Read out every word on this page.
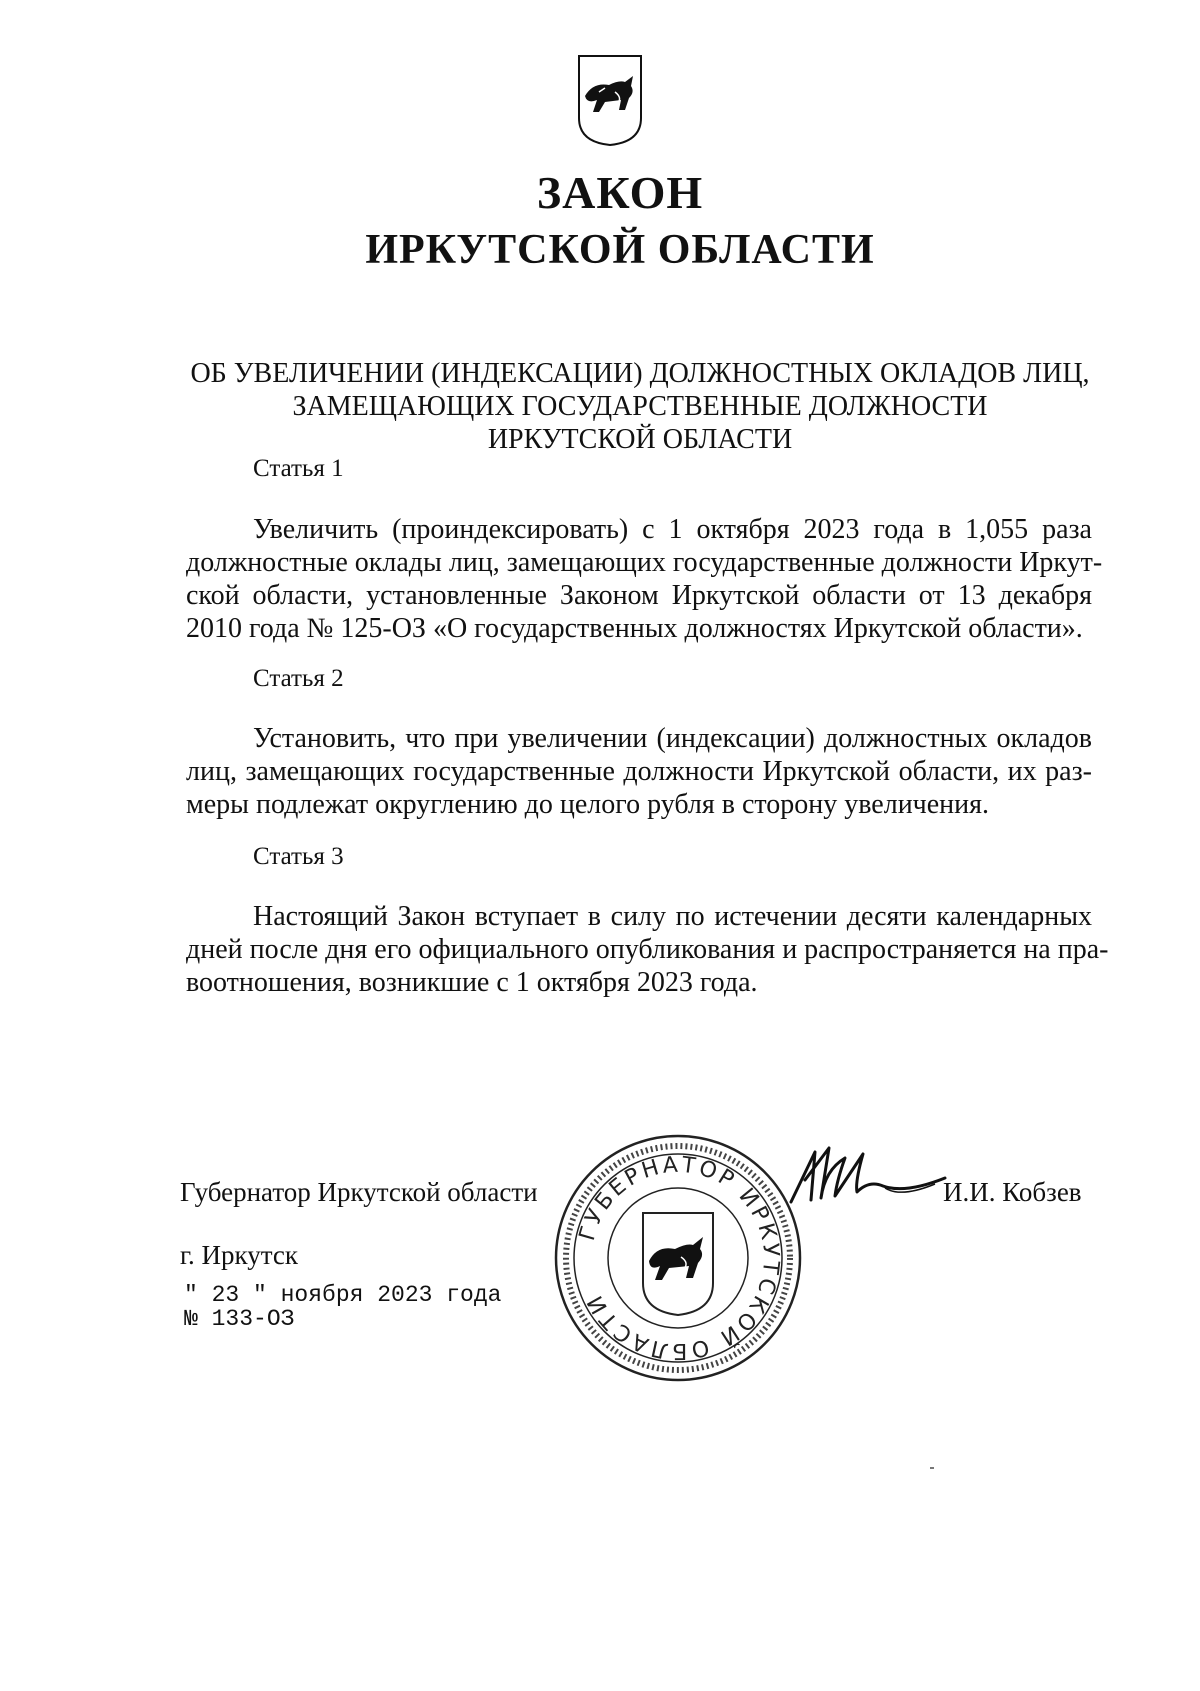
ЗАКОН
ИРКУТСКОЙ ОБЛАСТИ
ОБ УВЕЛИЧЕНИИ (ИНДЕКСАЦИИ) ДОЛЖНОСТНЫХ ОКЛАДОВ ЛИЦ,
ЗАМЕЩАЮЩИХ ГОСУДАРСТВЕННЫЕ ДОЛЖНОСТИ
ИРКУТСКОЙ ОБЛАСТИ
Статья 1
Увеличить (проиндексировать) с 1 октября 2023 года в 1,055 раза
должностные оклады лиц, замещающих государственные должности Иркут-
ской области, установленные Законом Иркутской области от 13 декабря
2010 года № 125-ОЗ «О государственных должностях Иркутской области».
Статья 2
Установить, что при увеличении (индексации) должностных окладов
лиц, замещающих государственные должности Иркутской области, их раз-
меры подлежат округлению до целого рубля в сторону увеличения.
Статья 3
Настоящий Закон вступает в силу по истечении десяти календарных
дней после дня его официального опубликования и распространяется на пра-
воотношения, возникшие с 1 октября 2023 года.
ГУБЕРНАТОР ИРКУТСКОЙ ОБЛАСТИ
Губернатор Иркутской области	И.И. Кобзев
г. Иркутск
" 23 " ноября 2023 года
№ 133-ОЗ
